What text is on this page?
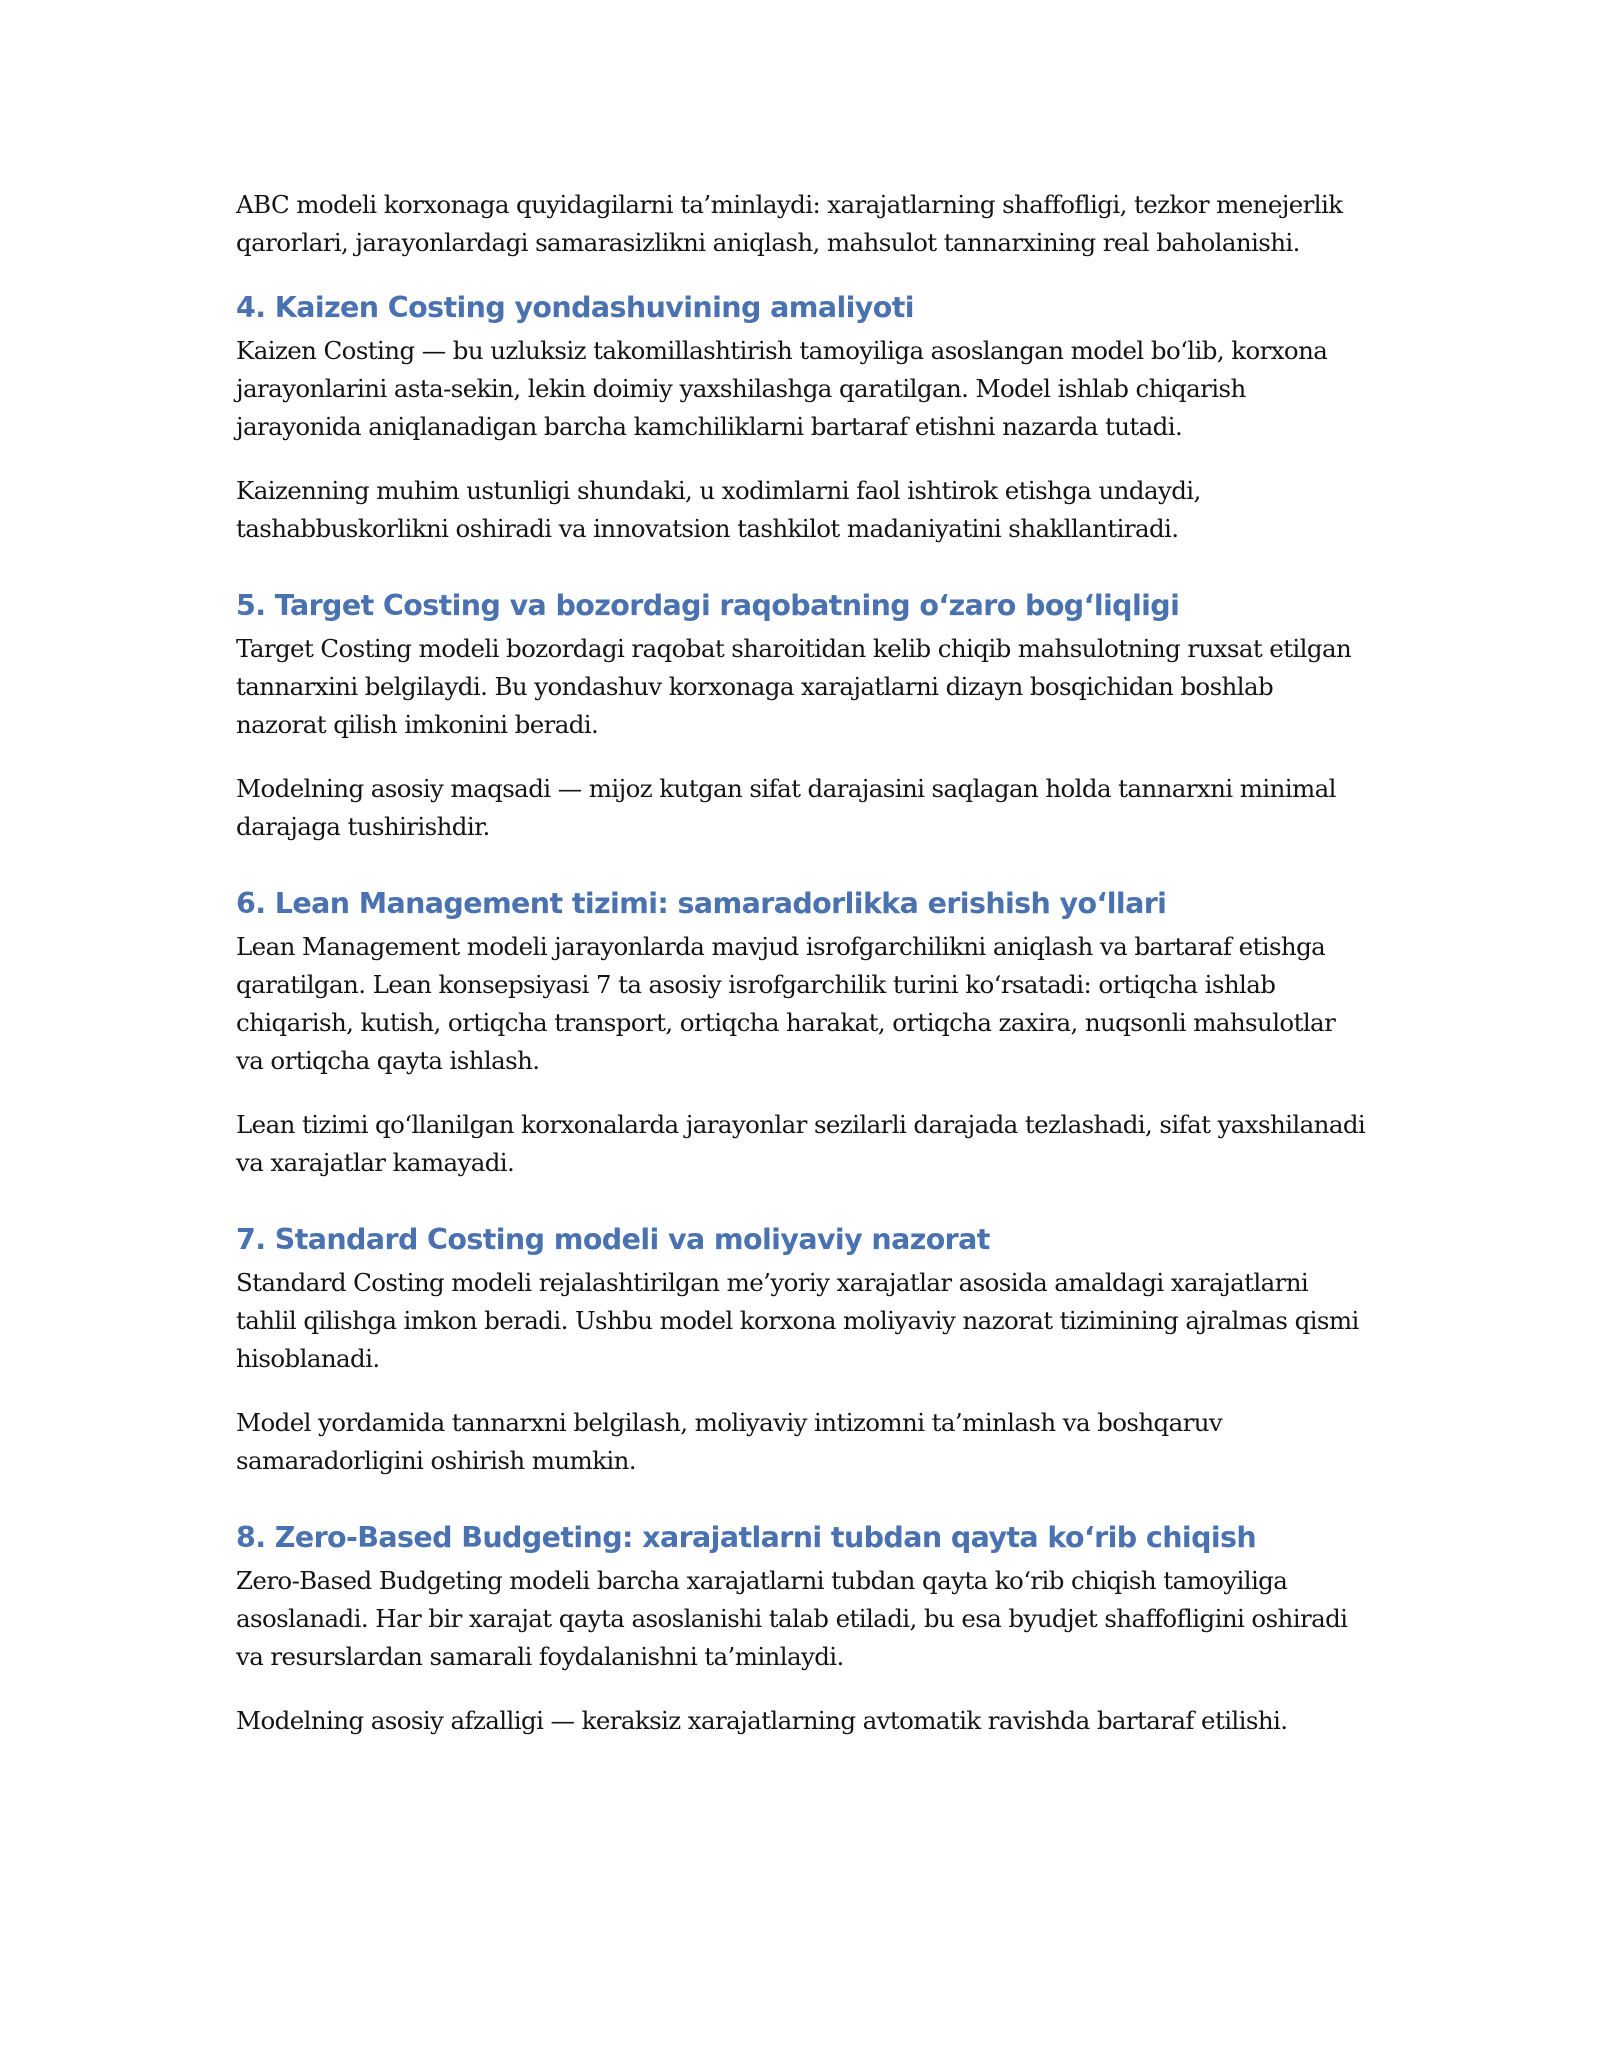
ABC modeli korxonaga quyidagilarni ta’minlaydi: xarajatlarning shaffofligi, tezkor menejerlik qarorlari, jarayonlardagi samarasizlikni aniqlash, mahsulot tannarxining real baholanishi.

4. Kaizen Costing yondashuvining amaliyoti

Kaizen Costing — bu uzluksiz takomillashtirish tamoyiliga asoslangan model bo‘lib, korxona jarayonlarini asta-sekin, lekin doimiy yaxshilashga qaratilgan. Model ishlab chiqarish jarayonida aniqlanadigan barcha kamchiliklarni bartaraf etishni nazarda tutadi.

Kaizenning muhim ustunligi shundaki, u xodimlarni faol ishtirok etishga undaydi, tashabbuskorlikni oshiradi va innovatsion tashkilot madaniyatini shakllantiradi.

5. Target Costing va bozordagi raqobatning o‘zaro bog‘liqligi

Target Costing modeli bozordagi raqobat sharoitidan kelib chiqib mahsulotning ruxsat etilgan tannarxini belgilaydi. Bu yondashuv korxonaga xarajatlarni dizayn bosqichidan boshlab nazorat qilish imkonini beradi.

Modelning asosiy maqsadi — mijoz kutgan sifat darajasini saqlagan holda tannarxni minimal darajaga tushirishdir.

6. Lean Management tizimi: samaradorlikka erishish yo‘llari

Lean Management modeli jarayonlarda mavjud isrofgarchilikni aniqlash va bartaraf etishga qaratilgan. Lean konsepsiyasi 7 ta asosiy isrofgarchilik turini ko‘rsatadi: ortiqcha ishlab chiqarish, kutish, ortiqcha transport, ortiqcha harakat, ortiqcha zaxira, nuqsonli mahsulotlar va ortiqcha qayta ishlash.

Lean tizimi qo‘llanilgan korxonalarda jarayonlar sezilarli darajada tezlashadi, sifat yaxshilanadi va xarajatlar kamayadi.

7. Standard Costing modeli va moliyaviy nazorat

Standard Costing modeli rejalashtirilgan me’yoriy xarajatlar asosida amaldagi xarajatlarni tahlil qilishga imkon beradi. Ushbu model korxona moliyaviy nazorat tizimining ajralmas qismi hisoblanadi.

Model yordamida tannarxni belgilash, moliyaviy intizomni ta’minlash va boshqaruv samaradorligini oshirish mumkin.

8. Zero-Based Budgeting: xarajatlarni tubdan qayta ko‘rib chiqish

Zero-Based Budgeting modeli barcha xarajatlarni tubdan qayta ko‘rib chiqish tamoyiliga asoslanadi. Har bir xarajat qayta asoslanishi talab etiladi, bu esa byudjet shaffofligini oshiradi va resurslardan samarali foydalanishni ta’minlaydi.

Modelning asosiy afzalligi — keraksiz xarajatlarning avtomatik ravishda bartaraf etilishi.
